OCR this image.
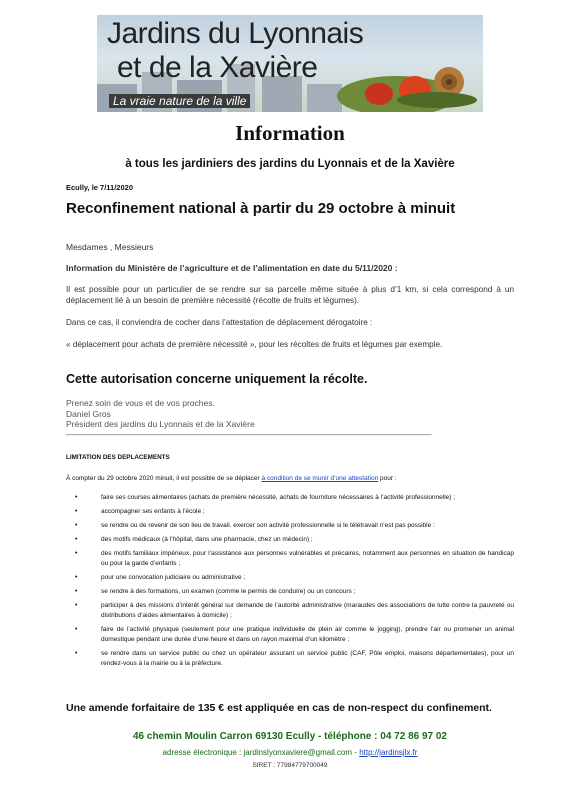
Jardins du Lyonnais
et de la Xavière
La vraie nature de la ville
Information
à tous les jardiniers des jardins du Lyonnais et de la Xavière
Ecully, le 7/11/2020
Reconfinement national à partir du 29 octobre à minuit
Mesdames , Messieurs
Information du Ministère de l’agriculture et de l’alimentation en date du 5/11/2020 :
Il est possible pour un particulier de se rendre sur sa parcelle même située à plus d’1 km, si cela correspond à un déplacement lié à un besoin de première nécessité (récolte de fruits et légumes).
Dans ce cas, il conviendra de cocher dans l’attestation de déplacement dérogatoire :
« déplacement pour achats de première nécessité », pour les récoltes de fruits et légumes par exemple.
Cette autorisation concerne uniquement la récolte.
Prenez soin de vous et de vos proches.
Daniel Gros
Président des jardins du Lyonnais et de la Xavière
———————————————————————————————————————————
LIMITATION DES DEPLACEMENTS
À compter du 29 octobre 2020 minuit, il est possible de se déplacer à condition de se munir d’une attestation pour :
•	faire ses courses alimentaires (achats de première nécessité, achats de fourniture nécessaires à l’activité professionnelle) ;
•	accompagner ses enfants à l’école ;
•	se rendre ou de revenir de son lieu de travail. exercer son activité professionnelle si le télétravail n’est pas possible :
•	des motifs médicaux (à l’hôpital, dans une pharmacie, chez un médecin) ;
•	des motifs familiaux impérieux, pour l’assistance aux personnes vulnérables et précaires, notamment aux personnes en situation de handicap ou pour la garde d’enfants ;
•	pour une convocation judiciaire ou administrative ;
•	se rendre à des formations, un examen (comme le permis de conduire) ou un concours ;
•	participer à des missions d’intérêt général sur demande de l’autorité administrative (maraudes des associations de lutte contre la pauvreté ou distributions d’aides alimentaires à domicile) ;
•	faire de l’activité physique (seulement pour une pratique individuelle de plein air comme le jogging), prendre l’air ou promener un animal domestique pendant une durée d’une heure et dans un rayon maximal d’un kilomètre ;
•	se rendre dans un service public ou chez un opérateur assurant un service public (CAF, Pôle emploi, maisons départementales), pour un rendez-vous à la mairie ou à la préfecture.
Une amende forfaitaire de 135 € est appliquée en cas de non-respect du confinement.
46 chemin Moulin Carron 69130 Ecully - téléphone : 04 72 86 97 02
adresse électronique : jardinslyonxaviere@gmail.com - http://jardinsjlx.fr
SIRET : 77984779700049
